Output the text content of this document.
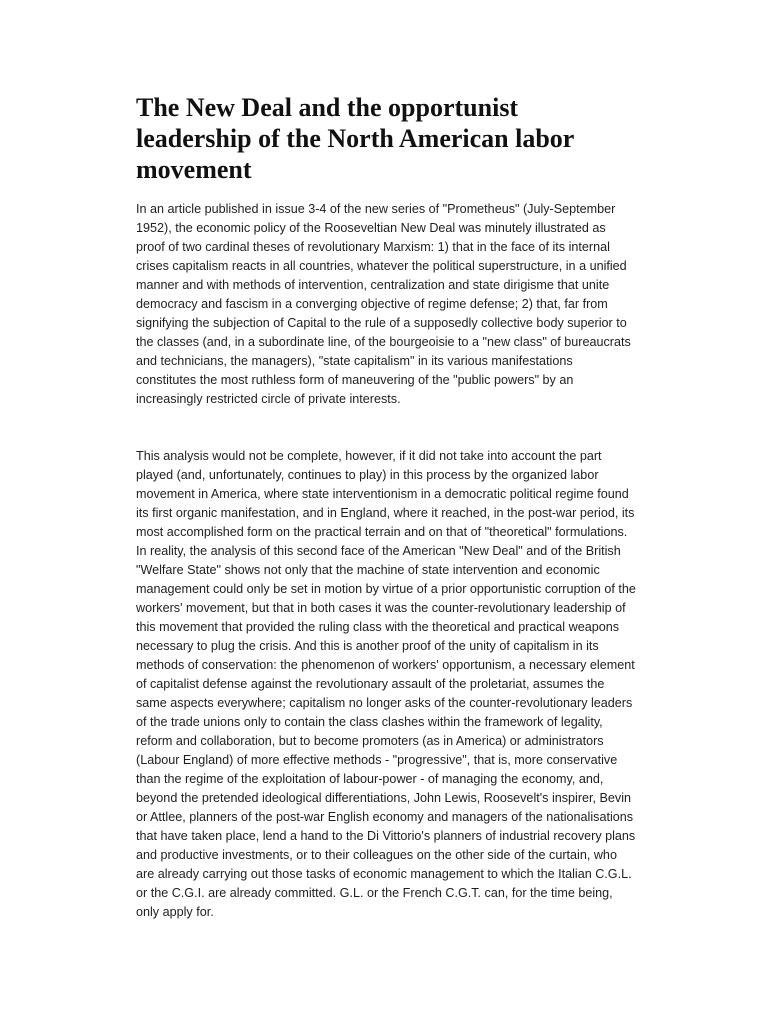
The New Deal and the opportunist leadership of the North American labor movement

In an article published in issue 3-4 of the new series of "Prometheus" (July-September 1952), the economic policy of the Rooseveltian New Deal was minutely illustrated as proof of two cardinal theses of revolutionary Marxism: 1) that in the face of its internal crises capitalism reacts in all countries, whatever the political superstructure, in a unified manner and with methods of intervention, centralization and state dirigisme that unite democracy and fascism in a converging objective of regime defense; 2) that, far from signifying the subjection of Capital to the rule of a supposedly collective body superior to the classes (and, in a subordinate line, of the bourgeoisie to a "new class" of bureaucrats and technicians, the managers), "state capitalism" in its various manifestations constitutes the most ruthless form of maneuvering of the "public powers" by an increasingly restricted circle of private interests.

This analysis would not be complete, however, if it did not take into account the part played (and, unfortunately, continues to play) in this process by the organized labor movement in America, where state interventionism in a democratic political regime found its first organic manifestation, and in England, where it reached, in the post-war period, its most accomplished form on the practical terrain and on that of "theoretical" formulations. In reality, the analysis of this second face of the American "New Deal" and of the British "Welfare State" shows not only that the machine of state intervention and economic management could only be set in motion by virtue of a prior opportunistic corruption of the workers' movement, but that in both cases it was the counter-revolutionary leadership of this movement that provided the ruling class with the theoretical and practical weapons necessary to plug the crisis. And this is another proof of the unity of capitalism in its methods of conservation: the phenomenon of workers' opportunism, a necessary element of capitalist defense against the revolutionary assault of the proletariat, assumes the same aspects everywhere; capitalism no longer asks of the counter-revolutionary leaders of the trade unions only to contain the class clashes within the framework of legality, reform and collaboration, but to become promoters (as in America) or administrators (Labour England) of more effective methods - "progressive", that is, more conservative than the regime of the exploitation of labour-power - of managing the economy, and, beyond the pretended ideological differentiations, John Lewis, Roosevelt's inspirer, Bevin or Attlee, planners of the post-war English economy and managers of the nationalisations that have taken place, lend a hand to the Di Vittorio's planners of industrial recovery plans and productive investments, or to their colleagues on the other side of the curtain, who are already carrying out those tasks of economic management to which the Italian C.G.L. or the C.G.I. are already committed. G.L. or the French C.G.T. can, for the time being, only apply for.
